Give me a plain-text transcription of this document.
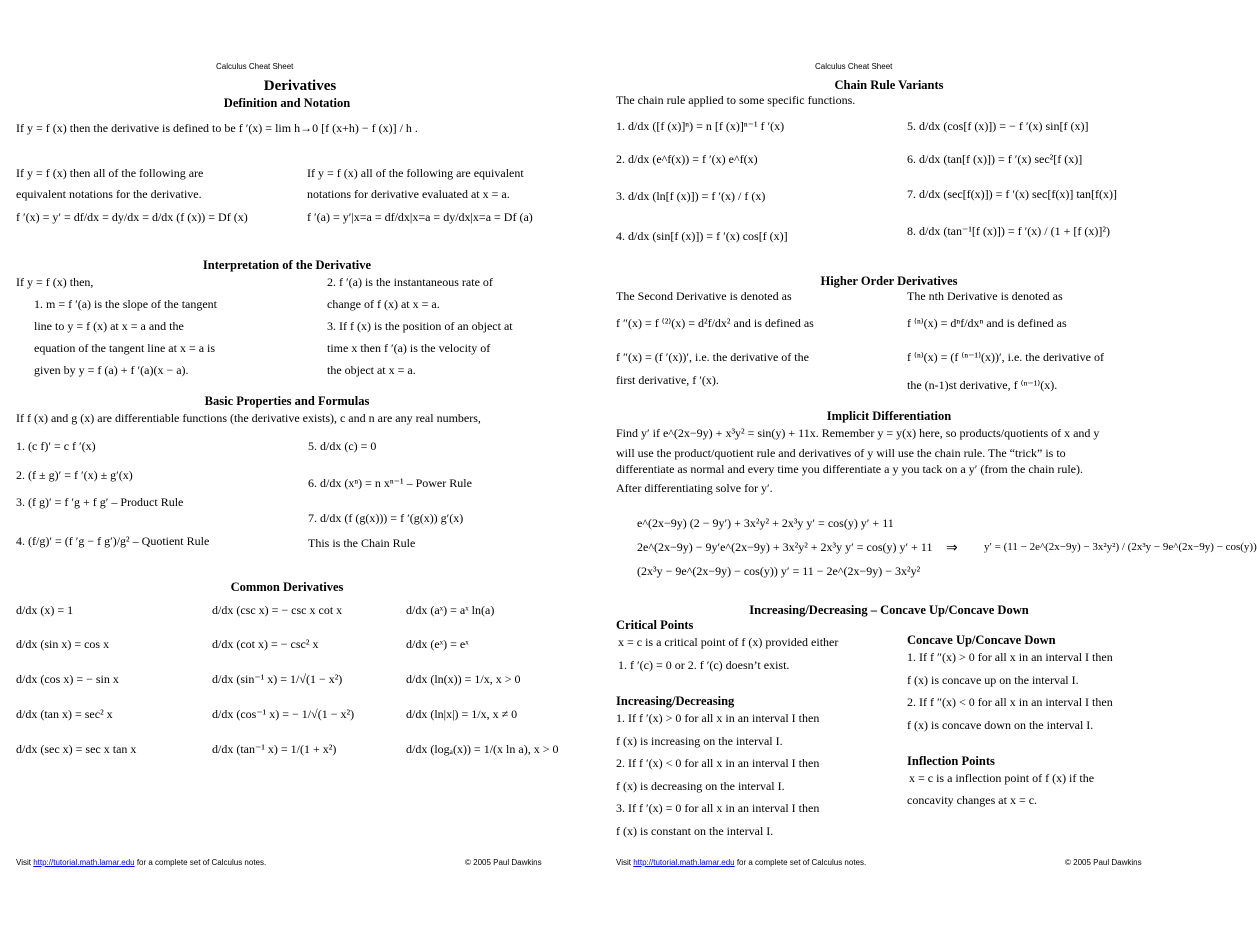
Calculus Cheat Sheet
Derivatives
Definition and Notation
If y = f (x) then the derivative is defined to be f ′(x) = lim h→0 [f (x+h) − f (x)] / h .
If y = f (x) then all of the following are
equivalent notations for the derivative.
f ′(x) = y′ = df/dx = dy/dx = d/dx (f (x)) = Df (x)
If y = f (x) all of the following are equivalent
notations for derivative evaluated at x = a.
f ′(a) = y′|x=a = df/dx|x=a = dy/dx|x=a = Df (a)
Interpretation of the Derivative
If y = f (x) then,
1. m = f ′(a) is the slope of the tangent
line to y = f (x) at x = a and the
equation of the tangent line at x = a is
given by y = f (a) + f ′(a)(x − a).
2. f ′(a) is the instantaneous rate of
change of f (x) at x = a.
3. If f (x) is the position of an object at
time x then f ′(a) is the velocity of
the object at x = a.
Basic Properties and Formulas
If f (x) and g (x) are differentiable functions (the derivative exists), c and n are any real numbers,
1. (c f)′ = c f ′(x)
2. (f ± g)′ = f ′(x) ± g′(x)
3. (f g)′ = f ′g + f g′ – Product Rule
4. (f/g)′ = (f ′g − f g′)/g² – Quotient Rule
5. d/dx (c) = 0
6. d/dx (xⁿ) = n xⁿ⁻¹ – Power Rule
7. d/dx (f (g(x))) = f ′(g(x)) g′(x)
This is the Chain Rule
Common Derivatives
d/dx (x) = 1
d/dx (sin x) = cos x
d/dx (cos x) = − sin x
d/dx (tan x) = sec² x
d/dx (sec x) = sec x tan x
d/dx (csc x) = − csc x cot x
d/dx (cot x) = − csc² x
d/dx (sin⁻¹ x) = 1/√(1 − x²)
d/dx (cos⁻¹ x) = − 1/√(1 − x²)
d/dx (tan⁻¹ x) = 1/(1 + x²)
d/dx (aˣ) = aˣ ln(a)
d/dx (eˣ) = eˣ
d/dx (ln(x)) = 1/x, x > 0
d/dx (ln|x|) = 1/x, x ≠ 0
d/dx (logₐ(x)) = 1/(x ln a), x > 0
Visit http://tutorial.math.lamar.edu for a complete set of Calculus notes.	© 2005 Paul Dawkins
Calculus Cheat Sheet
Chain Rule Variants
The chain rule applied to some specific functions.
1. d/dx ([f (x)]ⁿ) = n [f (x)]ⁿ⁻¹ f ′(x)
2. d/dx (e^f(x)) = f ′(x) e^f(x)
3. d/dx (ln[f (x)]) = f ′(x) / f (x)
4. d/dx (sin[f (x)]) = f ′(x) cos[f (x)]
5. d/dx (cos[f (x)]) = − f ′(x) sin[f (x)]
6. d/dx (tan[f (x)]) = f ′(x) sec²[f (x)]
7. d/dx (sec[f(x)]) = f ′(x) sec[f(x)] tan[f(x)]
8. d/dx (tan⁻¹[f (x)]) = f ′(x) / (1 + [f (x)]²)
Higher Order Derivatives
The Second Derivative is denoted as
f ″(x) = f ⁽²⁾(x) = d²f/dx² and is defined as
f ″(x) = (f ′(x))′, i.e. the derivative of the
first derivative, f ′(x).
The nth Derivative is denoted as
f ⁽ⁿ⁾(x) = dⁿf/dxⁿ and is defined as
f ⁽ⁿ⁾(x) = (f ⁽ⁿ⁻¹⁾(x))′, i.e. the derivative of
the (n-1)st derivative, f ⁽ⁿ⁻¹⁾(x).
Implicit Differentiation
Find y′ if e^(2x−9y) + x³y² = sin(y) + 11x. Remember y = y(x) here, so products/quotients of x and y
will use the product/quotient rule and derivatives of y will use the chain rule. The “trick” is to
differentiate as normal and every time you differentiate a y you tack on a y′ (from the chain rule).
After differentiating solve for y′.
e^(2x−9y) (2 − 9y′) + 3x²y² + 2x³y y′ = cos(y) y′ + 11
2e^(2x−9y) − 9y′e^(2x−9y) + 3x²y² + 2x³y y′ = cos(y) y′ + 11
(2x³y − 9e^(2x−9y) − cos(y)) y′ = 11 − 2e^(2x−9y) − 3x²y²
⇒ y′ = (11 − 2e^(2x−9y) − 3x²y²) / (2x³y − 9e^(2x−9y) − cos(y))
Increasing/Decreasing – Concave Up/Concave Down
Critical Points
x = c is a critical point of f (x) provided either
1. f ′(c) = 0 or 2. f ′(c) doesn’t exist.
Increasing/Decreasing
1. If f ′(x) > 0 for all x in an interval I then
f (x) is increasing on the interval I.
2. If f ′(x) < 0 for all x in an interval I then
f (x) is decreasing on the interval I.
3. If f ′(x) = 0 for all x in an interval I then
f (x) is constant on the interval I.
Concave Up/Concave Down
1. If f ″(x) > 0 for all x in an interval I then
f (x) is concave up on the interval I.
2. If f ″(x) < 0 for all x in an interval I then
f (x) is concave down on the interval I.
Inflection Points
x = c is a inflection point of f (x) if the
concavity changes at x = c.
Visit http://tutorial.math.lamar.edu for a complete set of Calculus notes.	© 2005 Paul Dawkins
